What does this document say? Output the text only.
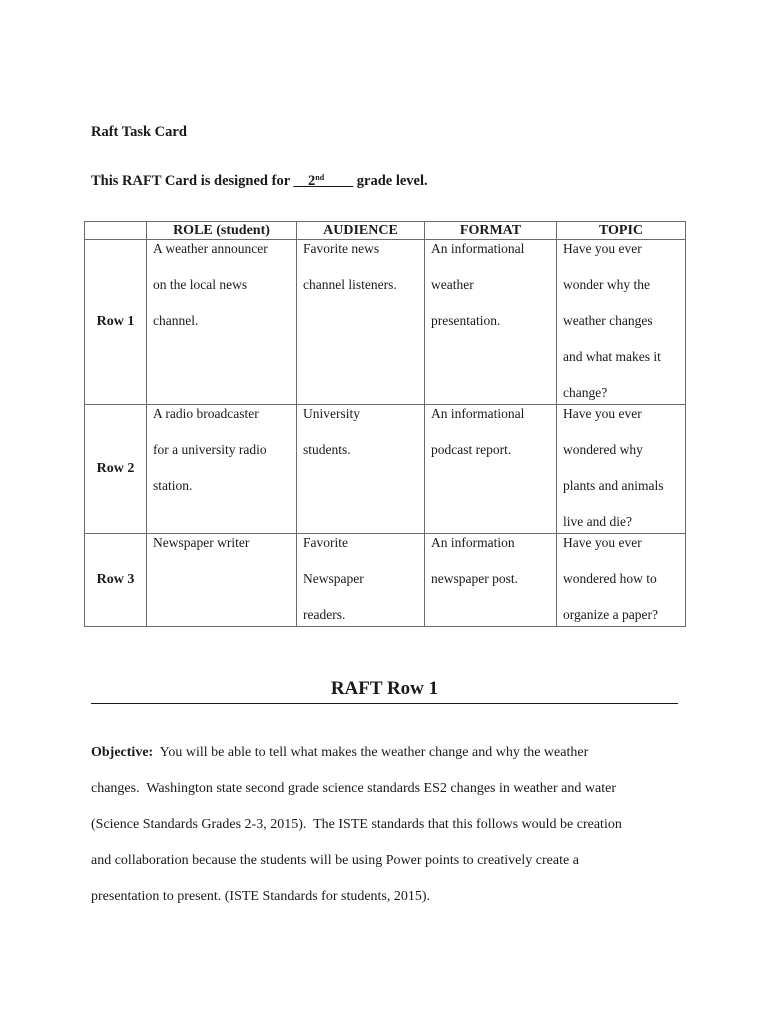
Raft Task Card
This RAFT Card is designed for __2nd____ grade level.
	ROLE (student)	AUDIENCE	FORMAT	TOPIC
Row 1	A weather announcer
on the local news
channel.	Favorite news
channel listeners.	An informational
weather
presentation.	Have you ever
wonder why the
weather changes
and what makes it
change?

Row 2	A radio broadcaster
for a university radio
station.	University
students.	An informational
podcast report.	Have you ever
wondered why
plants and animals
live and die?

Row 3	Newspaper writer	Favorite
Newspaper
readers.	An information
newspaper post.	Have you ever
wondered how to
organize a paper?
RAFT Row 1
Objective:  You will be able to tell what makes the weather change and why the weather
changes.  Washington state second grade science standards ES2 changes in weather and water
(Science Standards Grades 2-3, 2015).  The ISTE standards that this follows would be creation
and collaboration because the students will be using Power points to creatively create a
presentation to present. (ISTE Standards for students, 2015).
